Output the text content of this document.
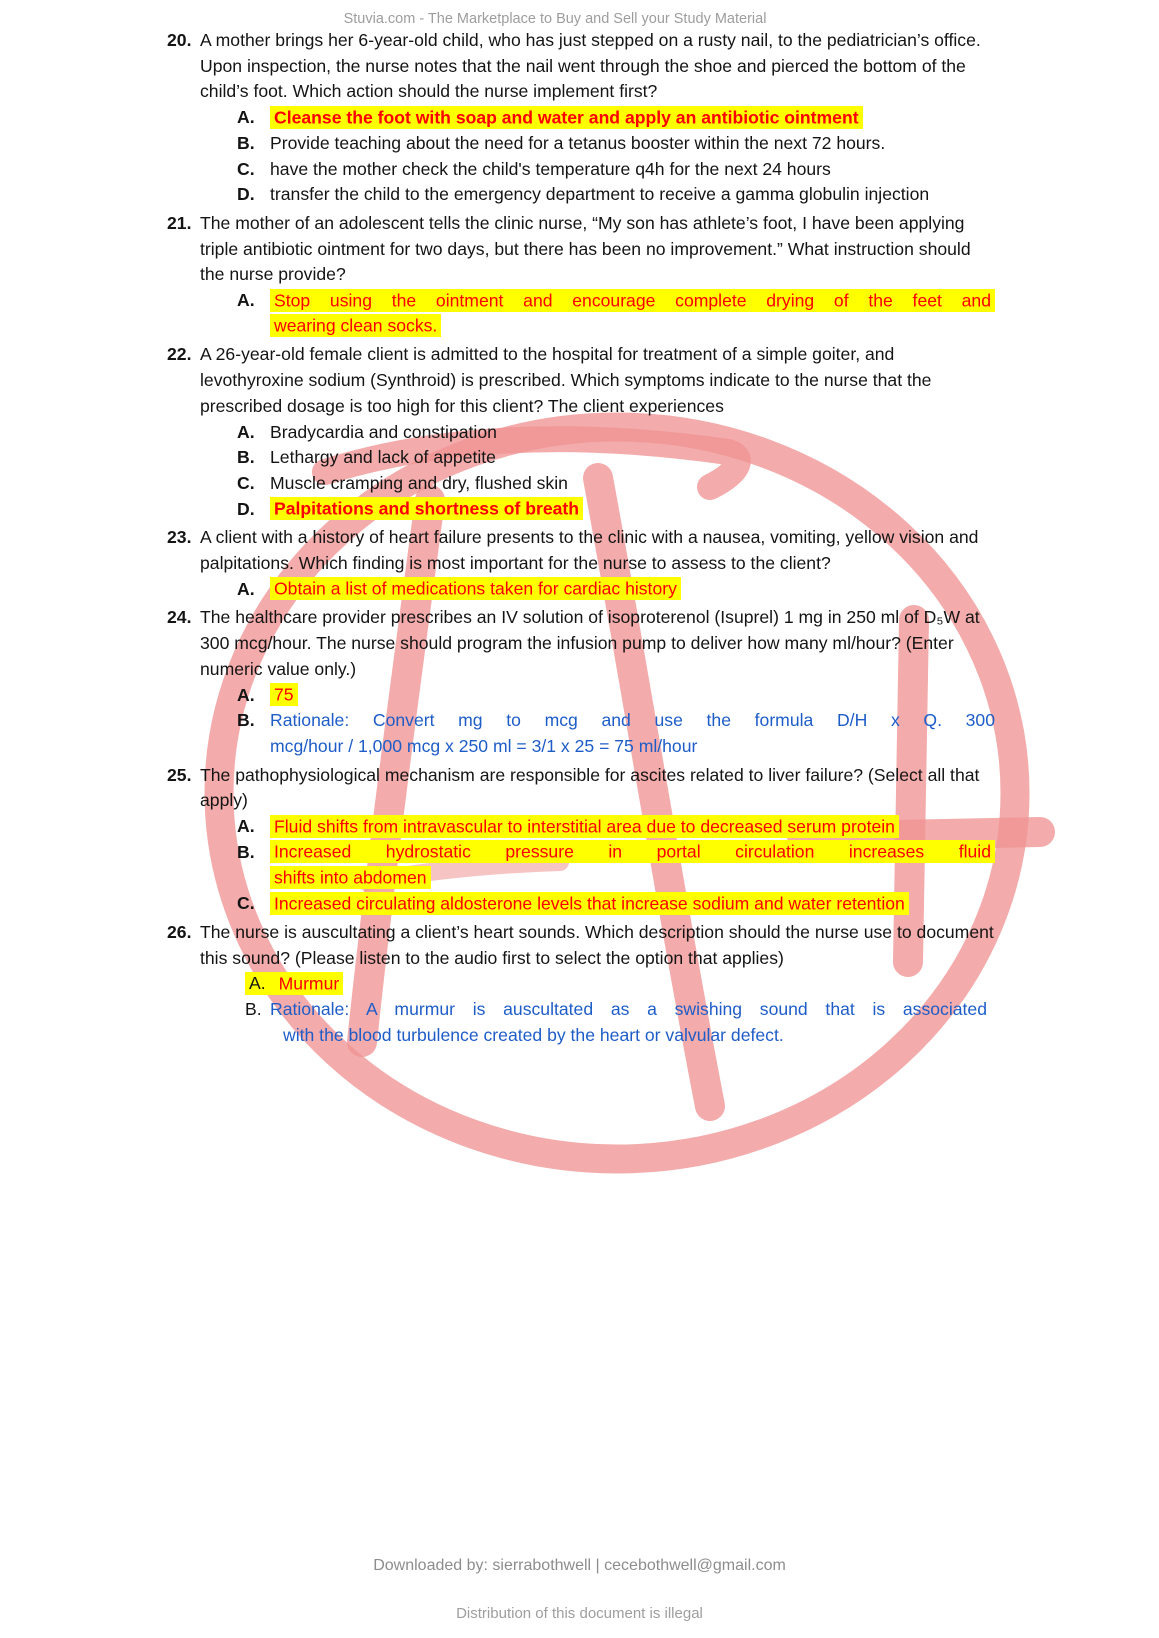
Stuvia.com - The Marketplace to Buy and Sell your Study Material
20. A mother brings her 6-year-old child, who has just stepped on a rusty nail, to the pediatrician’s office. Upon inspection, the nurse notes that the nail went through the shoe and pierced the bottom of the child’s foot. Which action should the nurse implement first?
A.	Cleanse the foot with soap and water and apply an antibiotic ointment
B. Provide teaching about the need for a tetanus booster within the next 72 hours.
C. have the mother check the child's temperature q4h for the next 24 hours
D. transfer the child to the emergency department to receive a gamma globulin injection
21. The mother of an adolescent tells the clinic nurse, “My son has athlete’s foot, I have been applying triple antibiotic ointment for two days, but there has been no improvement.” What instruction should the nurse provide?
A.	Stop using the ointment and encourage complete drying of the feet and
wearing clean socks.
22. A 26-year-old female client is admitted to the hospital for treatment of a simple goiter, and levothyroxine sodium (Synthroid) is prescribed. Which symptoms indicate to the nurse that the prescribed dosage is too high for this client? The client experiences
A. Bradycardia and constipation
B. Lethargy and lack of appetite
C. Muscle cramping and dry, flushed skin
D.	Palpitations and shortness of breath
23. A client with a history of heart failure presents to the clinic with a nausea, vomiting, yellow vision and palpitations. Which finding is most important for the nurse to assess to the client?
A.	Obtain a list of medications taken for cardiac history
24. The healthcare provider prescribes an IV solution of isoproterenol (Isuprel) 1 mg in 250 ml of D₅W at 300 mcg/hour. The nurse should program the infusion pump to deliver how many ml/hour? (Enter numeric value only.)
A.	75
B. Rationale: Convert mg to mcg and use the formula D/H x Q. 300
mcg/hour / 1,000 mcg x 250 ml = 3/1 x 25 = 75 ml/hour
25. The pathophysiological mechanism are responsible for ascites related to liver failure? (Select all that apply)
A.	Fluid shifts from intravascular to interstitial area due to decreased serum protein
B.	Increased hydrostatic pressure in portal circulation increases fluid
shifts into abdomen
C.	Increased circulating aldosterone levels that increase sodium and water retention
26. The nurse is auscultating a client’s heart sounds. Which description should the nurse use to document this sound? (Please listen to the audio first to select the option that applies)
A. Murmur
B. Rationale: A murmur is auscultated as a swishing sound that is associated
with the blood turbulence created by the heart or valvular defect.
Downloaded by: sierrabothwell | cecebothwell@gmail.com
Distribution of this document is illegal
